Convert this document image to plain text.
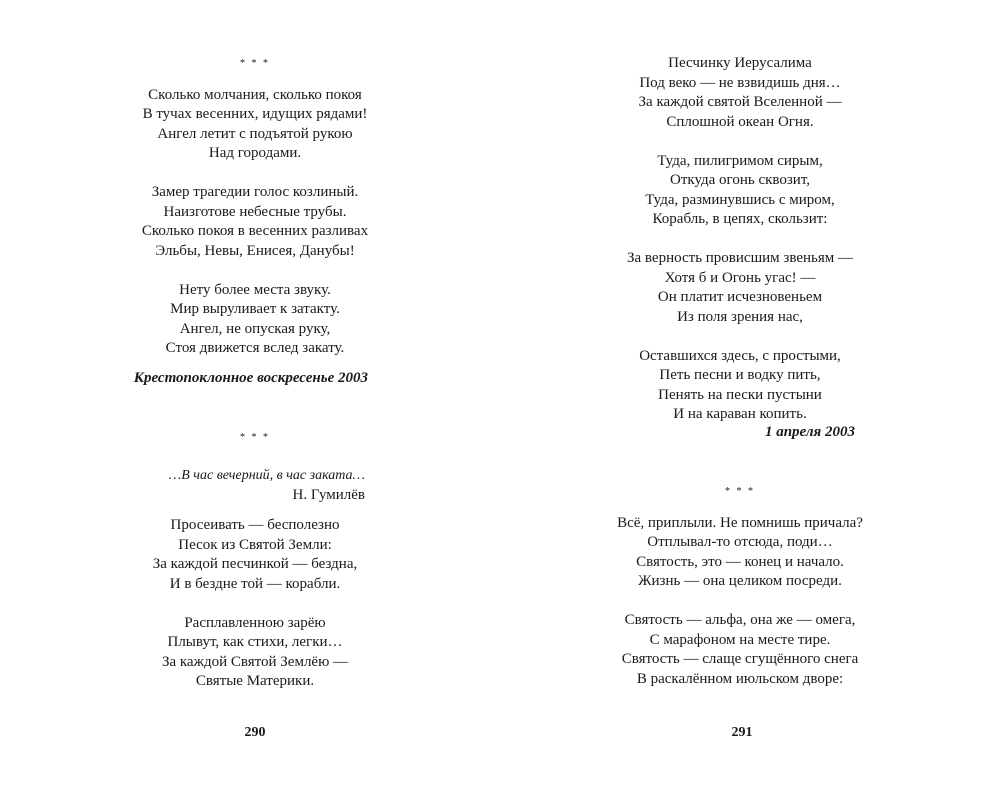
* * *
Сколько молчания, сколько покоя
В тучах весенних, идущих рядами!
Ангел летит с подъятой рукою
Над городами.
Замер трагедии голос козлиный.
Наизготове небесные трубы.
Сколько покоя в весенних разливах
Эльбы, Невы, Енисея, Данубы!
Нету более места звуку.
Мир выруливает к затакту.
Ангел, не опуская руку,
Стоя движется вслед закату.
Крестопоклонное воскресенье 2003
* * *
…В час вечерний, в час заката…
Н. Гумилёв
Просеивать — бесполезно
Песок из Святой Земли:
За каждой песчинкой — бездна,
И в бездне той — корабли.
Расплавленною зарёю
Плывут, как стихи, легки…
За каждой Святой Землёю —
Святые Материки.
Песчинку Иерусалима
Под веко — не взвидишь дня…
За каждой святой Вселенной —
Сплошной океан Огня.
Туда, пилигримом сирым,
Откуда огонь сквозит,
Туда, разминувшись с миром,
Корабль, в цепях, скользит:
За верность провисшим звеньям —
Хотя б и Огонь угас! —
Он платит исчезновеньем
Из поля зрения нас,
Оставшихся здесь, с простыми,
Петь песни и водку пить,
Пенять на пески пустыни
И на караван копить.
1 апреля 2003
* * *
Всё, приплыли. Не помнишь причала?
Отплывал-то отсюда, поди…
Святость, это — конец и начало.
Жизнь — она целиком посреди.
Святость — альфа, она же — омега,
С марафоном на месте тире.
Святость — слаще сгущённого снега
В раскалённом июльском дворе:
290	291
